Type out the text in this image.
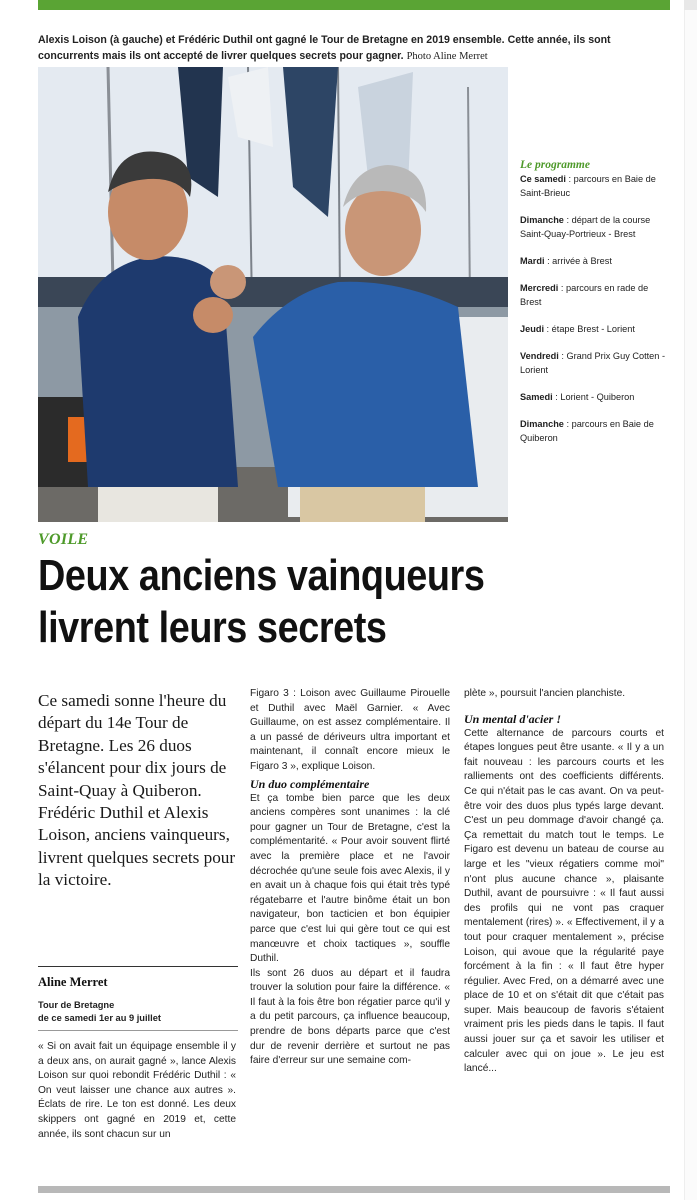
Alexis Loison (à gauche) et Frédéric Duthil ont gagné le Tour de Bretagne en 2019 ensemble. Cette année, ils sont concurrents mais ils ont accepté de livrer quelques secrets pour gagner. Photo Aline Merret
Le programme
Ce samedi : parcours en Baie de Saint-Brieuc
Dimanche : départ de la course Saint-Quay-Portrieux - Brest
Mardi : arrivée à Brest
Mercredi : parcours en rade de Brest
Jeudi : étape Brest - Lorient
Vendredi : Grand Prix Guy Cotten - Lorient
Samedi : Lorient - Quiberon
Dimanche : parcours en Baie de Quiberon
VOILE
Deux anciens vainqueurs livrent leurs secrets
Ce samedi sonne l'heure du départ du 14e Tour de Bretagne. Les 26 duos s'élancent pour dix jours de Saint-Quay à Quiberon. Frédéric Duthil et Alexis Loison, anciens vainqueurs, livrent quelques secrets pour la victoire.
Aline Merret
Tour de Bretagne
de ce samedi 1er au 9 juillet

« Si on avait fait un équipage ensemble il y a deux ans, on aurait gagné », lance Alexis Loison sur quoi rebondit Frédéric Duthil : « On veut laisser une chance aux autres ». Éclats de rire. Le ton est donné. Les deux skippers ont gagné en 2019 et, cette année, ils sont chacun sur un

Figaro 3 : Loison avec Guillaume Pirouelle et Duthil avec Maël Garnier. « Avec Guillaume, on est assez complémentaire. Il a un passé de dériveurs ultra important et maintenant, il connaît encore mieux le Figaro 3 », explique Loison.

Un duo complémentaire

Et ça tombe bien parce que les deux anciens compères sont unanimes : la clé pour gagner un Tour de Bretagne, c'est la complémentarité. « Pour avoir souvent flirté avec la première place et ne l'avoir décrochée qu'une seule fois avec Alexis, il y en avait un à chaque fois qui était très typé régatebarre et l'autre binôme était un bon navigateur, bon tacticien et bon équipier parce que c'est lui qui gère tout ce qui est manœuvre et choix tactiques », souffle Duthil.

Ils sont 26 duos au départ et il faudra trouver la solution pour faire la différence. « Il faut à la fois être bon régatier parce qu'il y a du petit parcours, ça influence beaucoup, prendre de bons départs parce que c'est dur de revenir derrière et surtout ne pas faire d'erreur sur une semaine com-

plète », poursuit l'ancien planchiste.

Un mental d'acier !

Cette alternance de parcours courts et étapes longues peut être usante. « Il y a un fait nouveau : les parcours courts et les ralliements ont des coefficients différents. Ce qui n'était pas le cas avant. On va peut-être voir des duos plus typés large devant. C'est un peu dommage d'avoir changé ça. Ça remettait du match tout le temps. Le Figaro est devenu un bateau de course au large et les "vieux régatiers comme moi" n'ont plus aucune chance », plaisante Duthil, avant de poursuivre : « Il faut aussi des profils qui ne vont pas craquer mentalement (rires) ». « Effectivement, il y a tout pour craquer mentalement », précise Loison, qui avoue que la régularité paye forcément à la fin : « Il faut être hyper régulier. Avec Fred, on a démarré avec une place de 10 et on s'était dit que c'était pas super. Mais beaucoup de favoris s'étaient vraiment pris les pieds dans le tapis. Il faut aussi jouer sur ça et savoir les utiliser et calculer avec qui on joue ». Le jeu est lancé...
